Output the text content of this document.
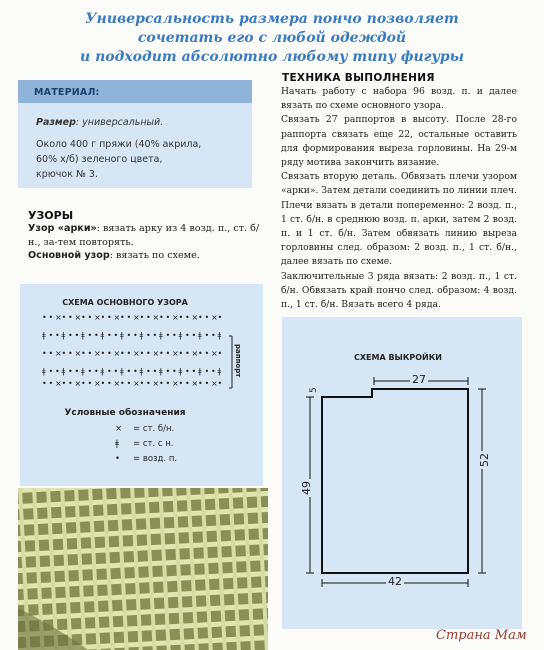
Универсальность размера пончо позволяет
сочетать его с любой одеждой
и подходит абсолютно любому типу фигуры
МАТЕРИАЛ:
Размер: универсальный.
Около 400 г пряжи (40% акрила,
60% х/б) зеленого цвета,
крючок № 3.
УЗОРЫ
Узор «арки»: вязать арку из 4 возд. п., ст. б/н., за-тем повторять.
Основной узор: вязать по схеме.
СХЕМА ОСНОВНОГО УЗОРА
• • × • • × • • × • • × • • × • • × • • × • • × • • × •
ǂ • • ǂ • • ǂ • • ǂ • • ǂ • • ǂ • • ǂ • • ǂ • • ǂ • • ǂ
• • × • • × • • × • • × • • × • • × • • × • • × • • × •
ǂ • • ǂ • • ǂ • • ǂ • • ǂ • • ǂ • • ǂ • • ǂ • • ǂ • • ǂ
• • × • • × • • × • • × • • × • • × • • × • • × • • × •
раппорт
Условные обозначения
× = ст. б/н.
ǂ = ст. с н.
• = возд. п.
ТЕХНИКА ВЫПОЛНЕНИЯ

Начать работу с набора 96 возд. п. и далее вязать по схеме основного узора.

Связать 27 раппортов в высоту. После 28-го раппорта связать еще 22, остальные оставить для формирования выреза горловины. На 29-м ряду мотива закончить вязание.

Связать вторую деталь. Обвязать плечи узором «арки». Затем детали соединить по линии плеч.

Плечи вязать в детали попеременно: 2 возд. п., 1 ст. б/н. в среднюю возд. п. арки, затем 2 возд. п. и 1 ст. б/н. Затем обвязать линию выреза горловины след. образом: 2 возд. п., 1 ст. б/н., далее вязать по схеме.

Заключительные 3 ряда вязать: 2 возд. п., 1 ст. б/н. Обвязать край пончо след. образом: 4 возд. п., 1 ст. б/н. Вязать всего 4 ряда.

СХЕМА ВЫКРОЙКИ
27
5
49
52
42
Страна Мам
